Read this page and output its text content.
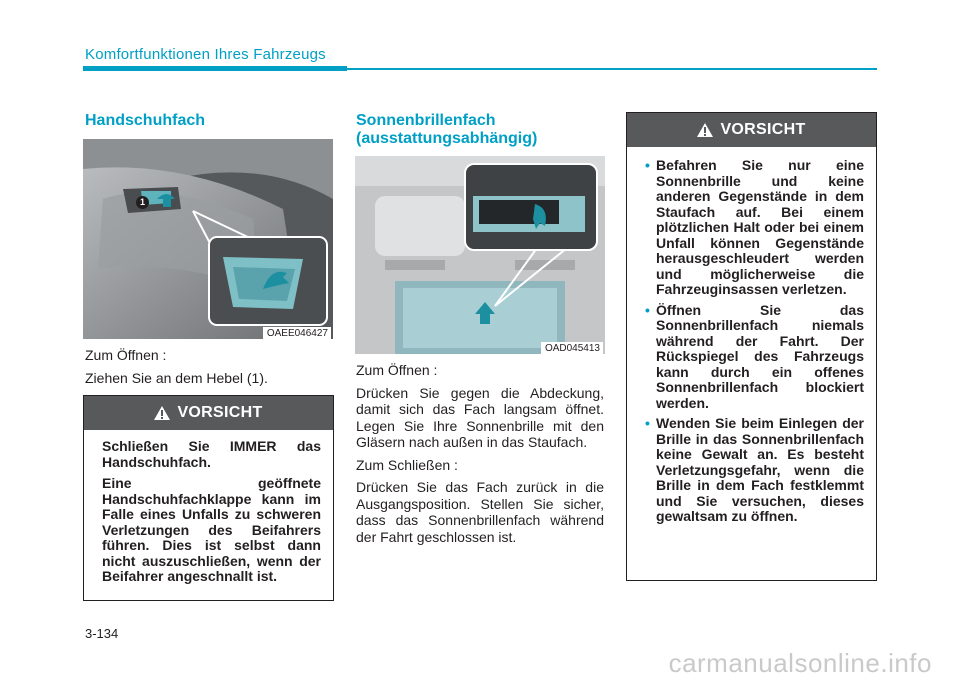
Komfortfunktionen Ihres Fahrzeugs
Handschuhfach
1
OAEE046427

Zum Öffnen :

Ziehen Sie an dem Hebel (1).

VORSICHT

Schließen Sie IMMER das Handschuhfach.

Eine geöffnete Handschuhfachklappe kann im Falle eines Unfalls zu schweren Verletzungen des Beifahrers führen. Dies ist selbst dann nicht auszuschließen, wenn der Beifahrer angeschnallt ist.

Sonnenbrillenfach
(ausstattungsabhängig)
OAD045413

Zum Öffnen :

Drücken Sie gegen die Abdeckung, damit sich das Fach langsam öffnet. Legen Sie Ihre Sonnenbrille mit den Gläsern nach außen in das Staufach.

Zum Schließen :

Drücken Sie das Fach zurück in die Ausgangsposition. Stellen Sie sicher, dass das Sonnenbrillenfach während der Fahrt geschlossen ist.

VORSICHT
• Befahren Sie nur eine Sonnenbrille und keine anderen Gegenstände in dem Staufach auf. Bei einem plötzlichen Halt oder bei einem Unfall können Gegenstände herausgeschleudert werden und möglicherweise die Fahrzeuginsassen verletzen.
• Öffnen Sie das Sonnenbrillenfach niemals während der Fahrt. Der Rückspiegel des Fahrzeugs kann durch ein offenes Sonnenbrillenfach blockiert werden.
• Wenden Sie beim Einlegen der Brille in das Sonnenbrillenfach keine Gewalt an. Es besteht Verletzungsgefahr, wenn die Brille in dem Fach festklemmt und Sie versuchen, dieses gewaltsam zu öffnen.
3-134
carmanualsonline.info
